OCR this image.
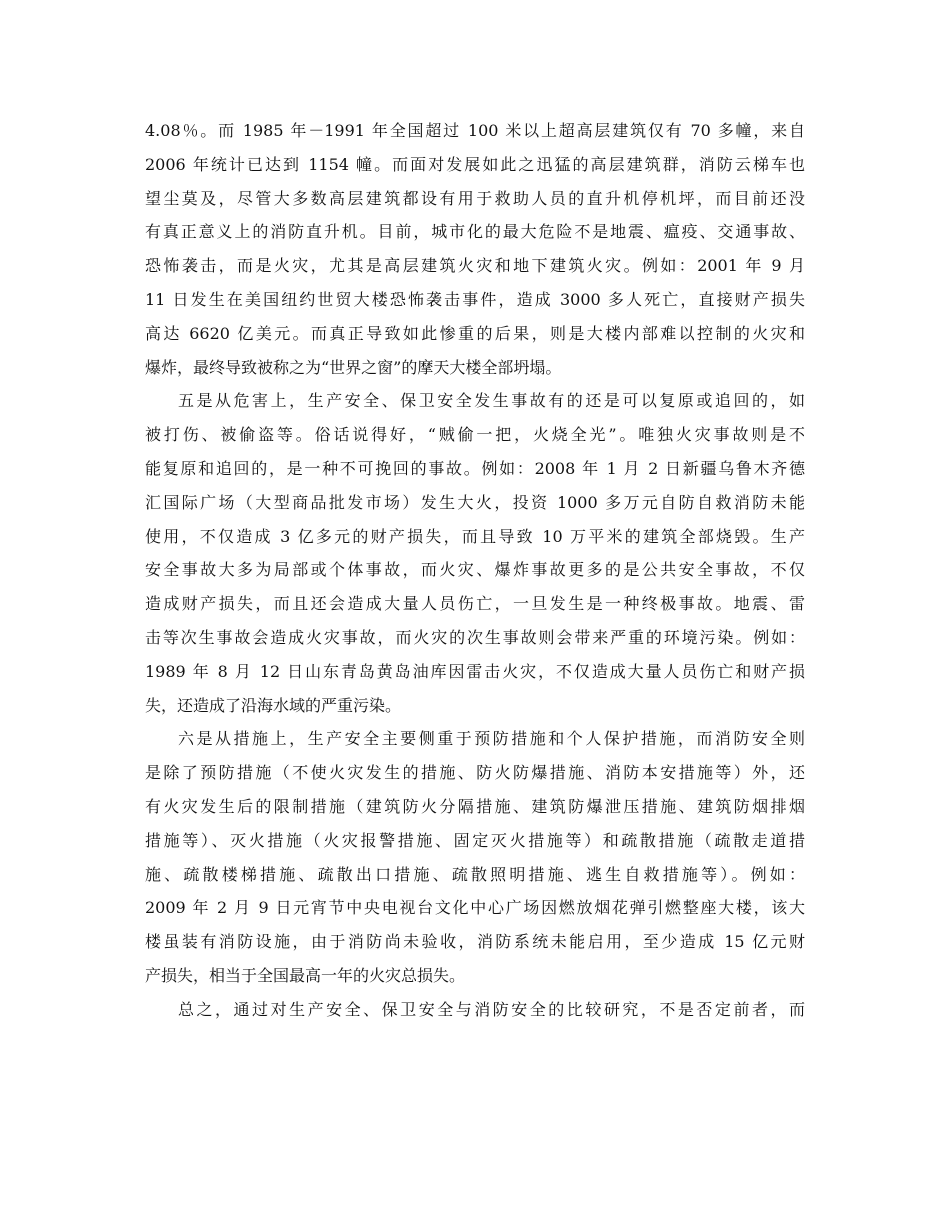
4.08％。而 1985 年－1991 年全国超过 100 米以上超高层建筑仅有 70 多幢，来自
2006 年统计已达到 1154 幢。而面对发展如此之迅猛的高层建筑群，消防云梯车也
望尘莫及，尽管大多数高层建筑都设有用于救助人员的直升机停机坪，而目前还没
有真正意义上的消防直升机。目前，城市化的最大危险不是地震、瘟疫、交通事故、
恐怖袭击，而是火灾，尤其是高层建筑火灾和地下建筑火灾。例如：2001 年 9 月
11 日发生在美国纽约世贸大楼恐怖袭击事件，造成 3000 多人死亡，直接财产损失
高达 6620 亿美元。而真正导致如此惨重的后果，则是大楼内部难以控制的火灾和
爆炸，最终导致被称之为“世界之窗”的摩天大楼全部坍塌。
五是从危害上，生产安全、保卫安全发生事故有的还是可以复原或追回的，如
被打伤、被偷盗等。俗话说得好，“贼偷一把，火烧全光”。唯独火灾事故则是不
能复原和追回的，是一种不可挽回的事故。例如：2008 年 1 月 2 日新疆乌鲁木齐德
汇国际广场（大型商品批发市场）发生大火，投资 1000 多万元自防自救消防未能
使用，不仅造成 3 亿多元的财产损失，而且导致 10 万平米的建筑全部烧毁。生产
安全事故大多为局部或个体事故，而火灾、爆炸事故更多的是公共安全事故，不仅
造成财产损失，而且还会造成大量人员伤亡，一旦发生是一种终极事故。地震、雷
击等次生事故会造成火灾事故，而火灾的次生事故则会带来严重的环境污染。例如：
1989 年 8 月 12 日山东青岛黄岛油库因雷击火灾，不仅造成大量人员伤亡和财产损
失，还造成了沿海水域的严重污染。
六是从措施上，生产安全主要侧重于预防措施和个人保护措施，而消防安全则
是除了预防措施（不使火灾发生的措施、防火防爆措施、消防本安措施等）外，还
有火灾发生后的限制措施（建筑防火分隔措施、建筑防爆泄压措施、建筑防烟排烟
措施等）、灭火措施（火灾报警措施、固定灭火措施等）和疏散措施（疏散走道措
施、疏散楼梯措施、疏散出口措施、疏散照明措施、逃生自救措施等）。例如：
2009 年 2 月 9 日元宵节中央电视台文化中心广场因燃放烟花弹引燃整座大楼，该大
楼虽装有消防设施，由于消防尚未验收，消防系统未能启用，至少造成 15 亿元财
产损失，相当于全国最高一年的火灾总损失。
总之，通过对生产安全、保卫安全与消防安全的比较研究，不是否定前者，而
